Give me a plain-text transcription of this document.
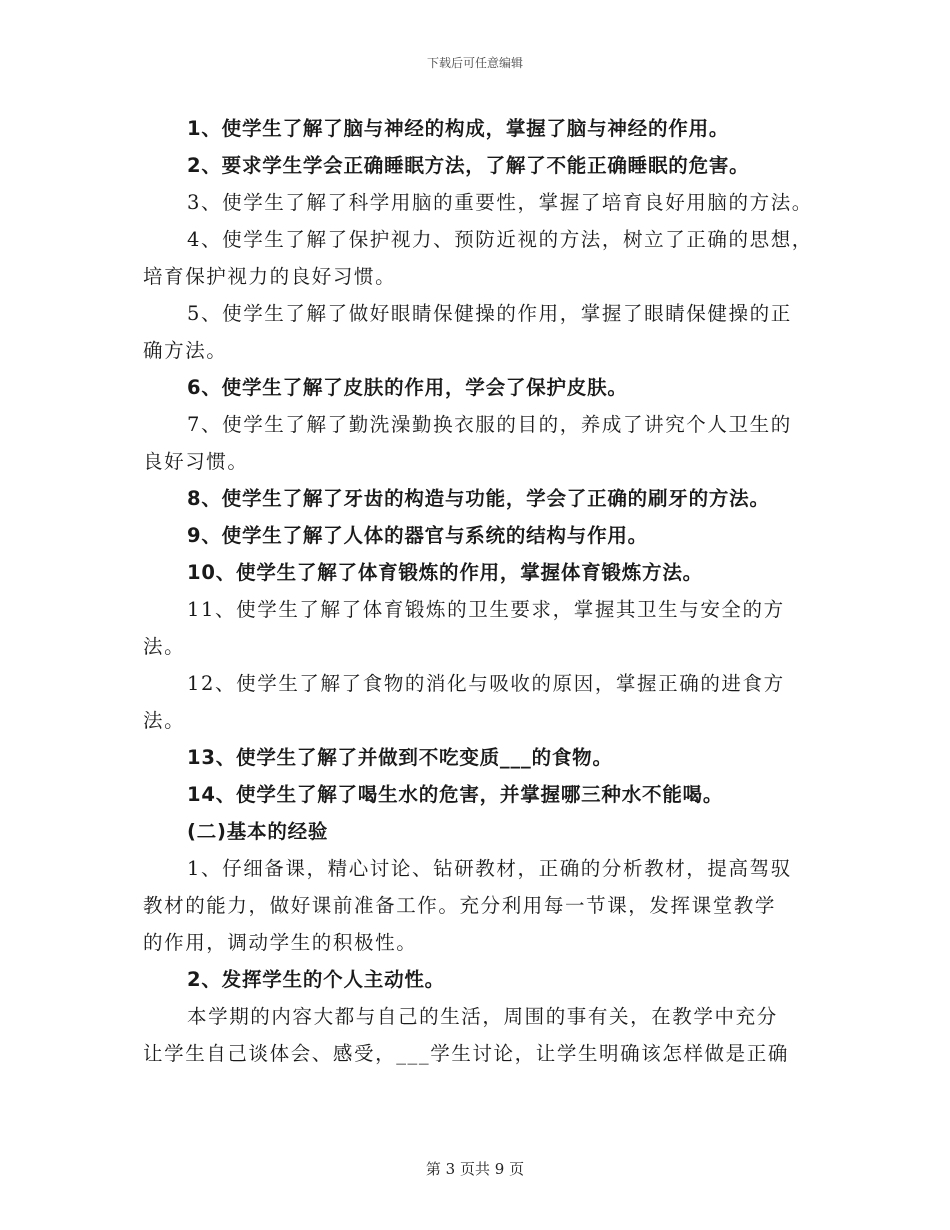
下载后可任意编辑
1、使学生了解了脑与神经的构成，掌握了脑与神经的作用。
2、要求学生学会正确睡眠方法，了解了不能正确睡眠的危害。
3、使学生了解了科学用脑的重要性，掌握了培育良好用脑的方法。
4、使学生了解了保护视力、预防近视的方法，树立了正确的思想，
培育保护视力的良好习惯。
5、使学生了解了做好眼睛保健操的作用，掌握了眼睛保健操的正
确方法。
6、使学生了解了皮肤的作用，学会了保护皮肤。
7、使学生了解了勤洗澡勤换衣服的目的，养成了讲究个人卫生的
良好习惯。
8、使学生了解了牙齿的构造与功能，学会了正确的刷牙的方法。
9、使学生了解了人体的器官与系统的结构与作用。
10、使学生了解了体育锻炼的作用，掌握体育锻炼方法。
11、使学生了解了体育锻炼的卫生要求，掌握其卫生与安全的方
法。
12、使学生了解了食物的消化与吸收的原因，掌握正确的进食方
法。
13、使学生了解了并做到不吃变质___的食物。
14、使学生了解了喝生水的危害，并掌握哪三种水不能喝。
(二)基本的经验
1、仔细备课，精心讨论、钻研教材，正确的分析教材，提高驾驭
教材的能力，做好课前准备工作。充分利用每一节课，发挥课堂教学
的作用，调动学生的积极性。
2、发挥学生的个人主动性。
本学期的内容大都与自己的生活，周围的事有关，在教学中充分
让学生自己谈体会、感受，___学生讨论，让学生明确该怎样做是正确
第 3 页共 9 页
